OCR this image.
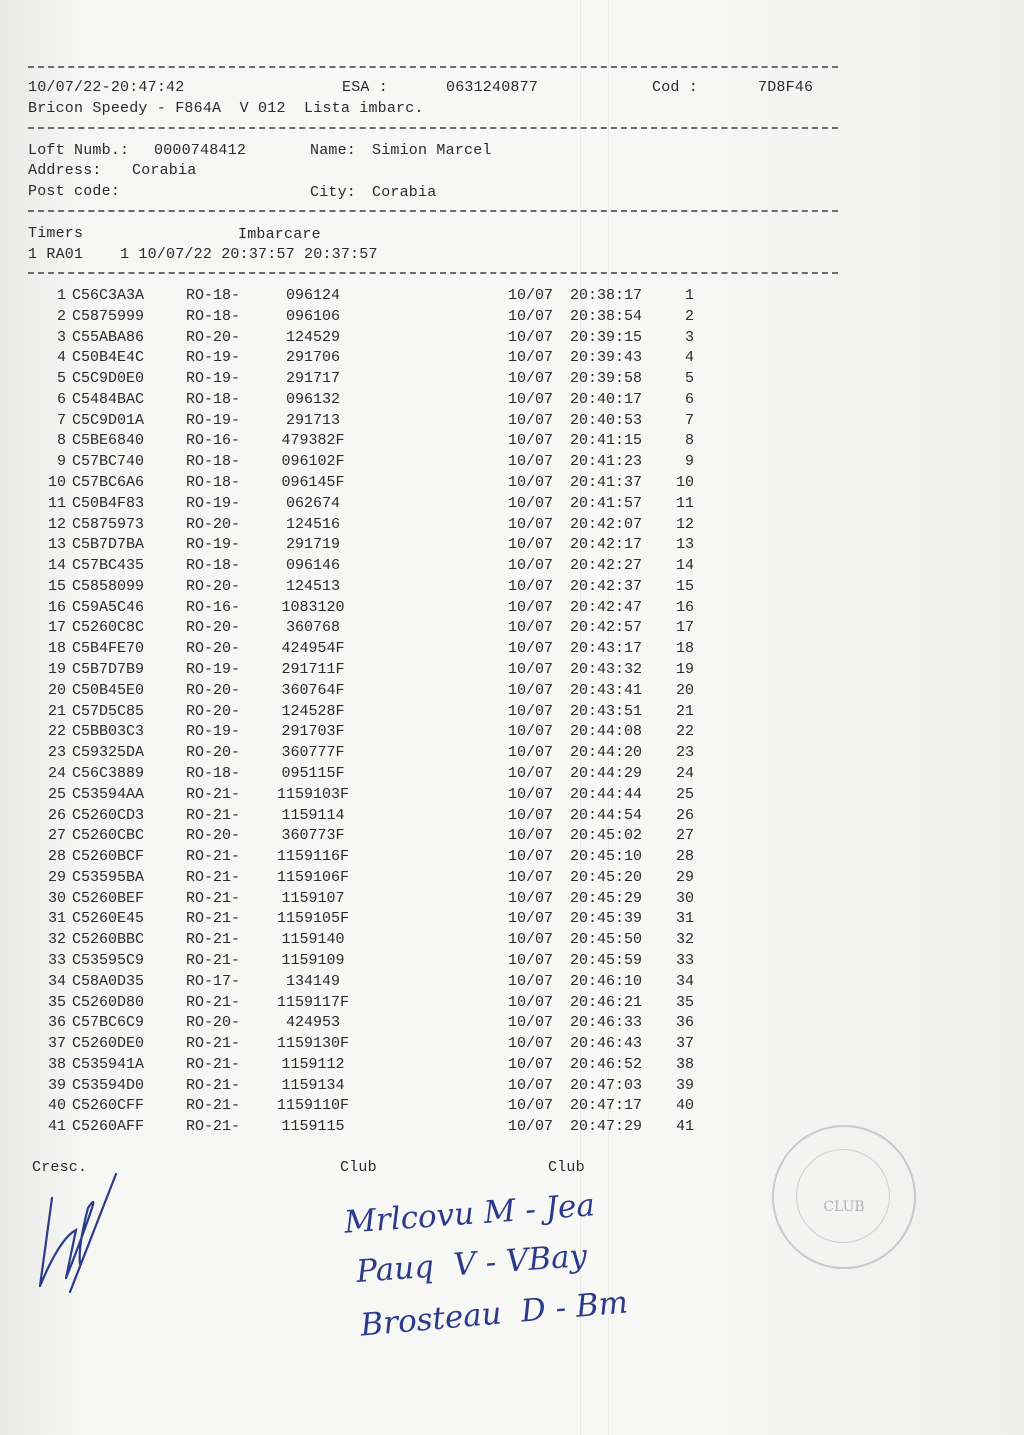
10/07/22-20:47:42	ESA :	0631240877	Cod :	7D8F46
Bricon Speedy - F864A  V 012  Lista imbarc.
Loft Numb.: 0000748412	Name: Simion Marcel
Address: Corabia
Post code:	City: Corabia
Timers	Imbarcare
1 RA01    1 10/07/22 20:37:57 20:37:57
1 C56C3A3A	RO-18-	096124	10/07 20:38:17	1
2 C5875999	RO-18-	096106	10/07 20:38:54	2
3 C55ABA86	RO-20-	124529	10/07 20:39:15	3
4 C50B4E4C	RO-19-	291706	10/07 20:39:43	4
5 C5C9D0E0	RO-19-	291717	10/07 20:39:58	5
6 C5484BAC	RO-18-	096132	10/07 20:40:17	6
7 C5C9D01A	RO-19-	291713	10/07 20:40:53	7
8 C5BE6840	RO-16-	479382F	10/07 20:41:15	8
9 C57BC740	RO-18-	096102F	10/07 20:41:23	9
10 C57BC6A6	RO-18-	096145F	10/07 20:41:37	10
11 C50B4F83	RO-19-	062674	10/07 20:41:57	11
12 C5875973	RO-20-	124516	10/07 20:42:07	12
13 C5B7D7BA	RO-19-	291719	10/07 20:42:17	13
14 C57BC435	RO-18-	096146	10/07 20:42:27	14
15 C5858099	RO-20-	124513	10/07 20:42:37	15
16 C59A5C46	RO-16-	1083120	10/07 20:42:47	16
17 C5260C8C	RO-20-	360768	10/07 20:42:57	17
18 C5B4FE70	RO-20-	424954F	10/07 20:43:17	18
19 C5B7D7B9	RO-19-	291711F	10/07 20:43:32	19
20 C50B45E0	RO-20-	360764F	10/07 20:43:41	20
21 C57D5C85	RO-20-	124528F	10/07 20:43:51	21
22 C5BB03C3	RO-19-	291703F	10/07 20:44:08	22
23 C59325DA	RO-20-	360777F	10/07 20:44:20	23
24 C56C3889	RO-18-	095115F	10/07 20:44:29	24
25 C53594AA	RO-21-	1159103F	10/07 20:44:44	25
26 C5260CD3	RO-21-	1159114	10/07 20:44:54	26
27 C5260CBC	RO-20-	360773F	10/07 20:45:02	27
28 C5260BCF	RO-21-	1159116F	10/07 20:45:10	28
29 C53595BA	RO-21-	1159106F	10/07 20:45:20	29
30 C5260BEF	RO-21-	1159107	10/07 20:45:29	30
31 C5260E45	RO-21-	1159105F	10/07 20:45:39	31
32 C5260BBC	RO-21-	1159140	10/07 20:45:50	32
33 C53595C9	RO-21-	1159109	10/07 20:45:59	33
34 C58A0D35	RO-17-	134149	10/07 20:46:10	34
35 C5260D80	RO-21-	1159117F	10/07 20:46:21	35
36 C57BC6C9	RO-20-	424953	10/07 20:46:33	36
37 C5260DE0	RO-21-	1159130F	10/07 20:46:43	37
38 C535941A	RO-21-	1159112	10/07 20:46:52	38
39 C53594D0	RO-21-	1159134	10/07 20:47:03	39
40 C5260CFF	RO-21-	1159110F	10/07 20:47:17	40
41 C5260AFF	RO-21-	1159115	10/07 20:47:29	41
Cresc.	Club	Club
Mrlcovu M - Jea
Pauq  V - VBay
Brosteau  D - Bm
CLUB
